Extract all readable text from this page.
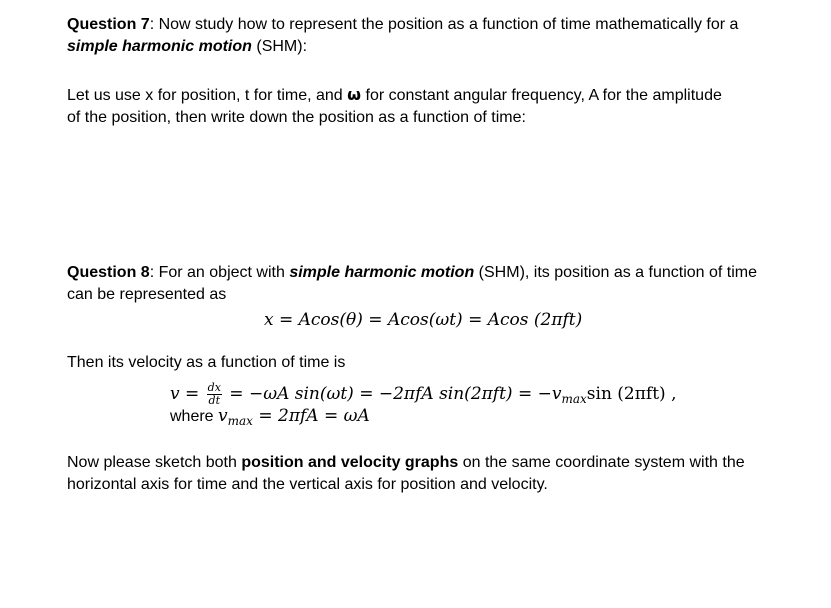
Question 7: Now study how to represent the position as a function of time mathematically for a
simple harmonic motion (SHM):
Let us use x for position, t for time, and ω for constant angular frequency, A for the amplitude
of the position, then write down the position as a function of time:
Question 8: For an object with simple harmonic motion (SHM), its position as a function of time
can be represented as
x = Acos(θ) = Acos(ωt) = Acos (2πft)
Then its velocity as a function of time is
$v = \frac{dx}{dt} = -\omega A$ sin(ωt) = −2πfA $\sin(2\pi ft) = -v_{max}\sin$ (2πft) ,
where $v_{max} = 2\pi fA = \omega A$
Now please sketch both position and velocity graphs on the same coordinate system with the
horizontal axis for time and the vertical axis for position and velocity.
